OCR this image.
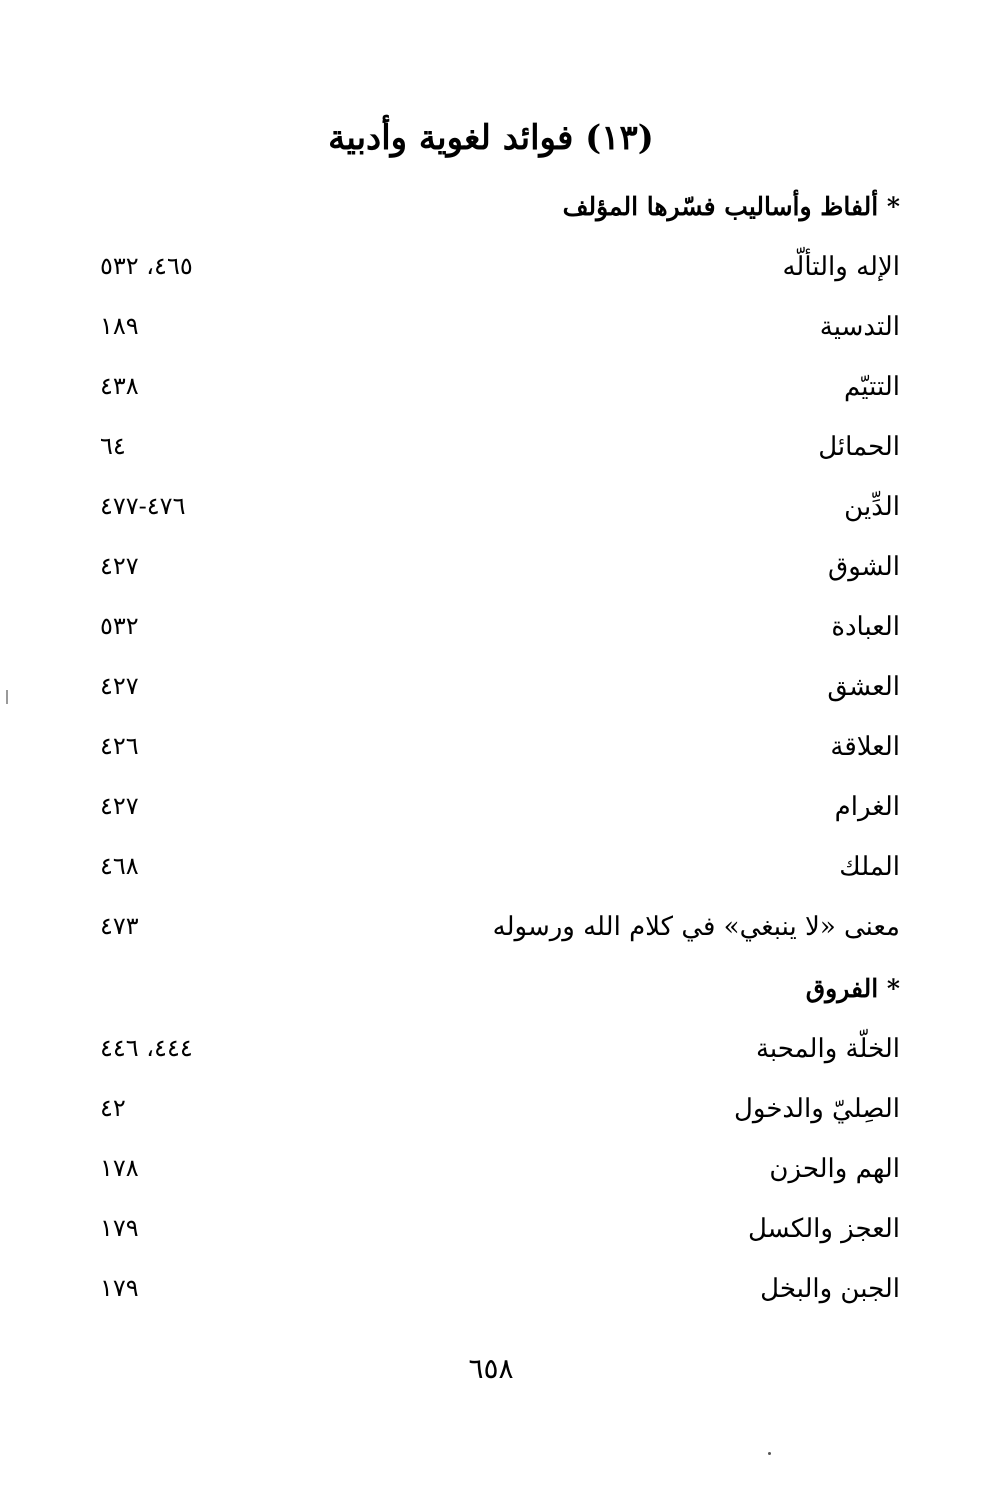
(١٣) فوائد لغوية وأدبية
* ألفاظ وأساليب فسّرها المؤلف
الإله والتألّه
٤٦٥، ٥٣٢
التدسية
١٨٩
التتيّم
٤٣٨
الحمائل
٦٤
الدِّين
٤٧٦-٤٧٧
الشوق
٤٢٧
العبادة
٥٣٢
العشق
٤٢٧
العلاقة
٤٢٦
الغرام
٤٢٧
الملك
٤٦٨
معنى «لا ينبغي» في كلام الله ورسوله
٤٧٣
* الفروق
الخلّة والمحبة
٤٤٤، ٤٤٦
الصِليّ والدخول
٤٢
الهم والحزن
١٧٨
العجز والكسل
١٧٩
الجبن والبخل
١٧٩
٦٥٨
